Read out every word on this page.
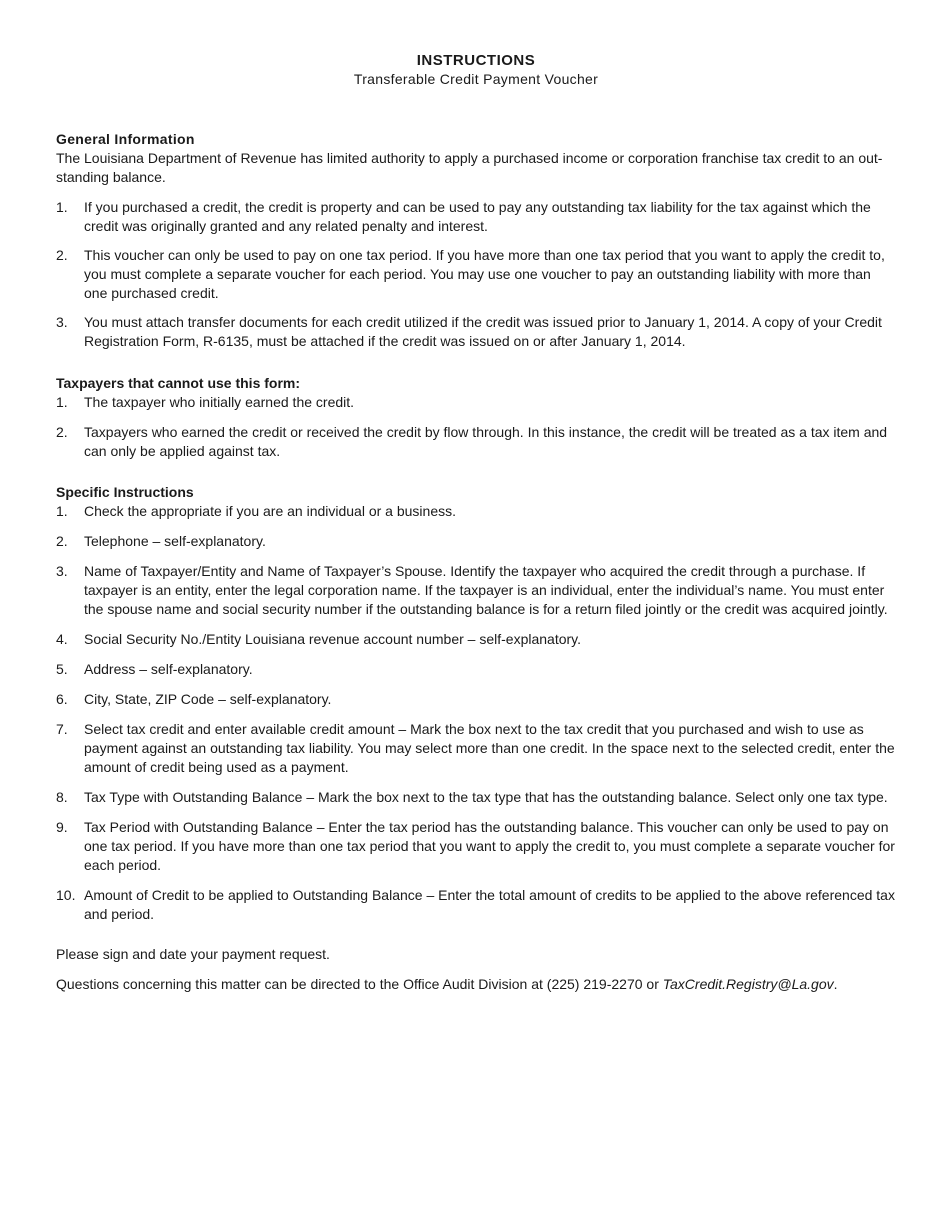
INSTRUCTIONS
Transferable Credit Payment Voucher
General Information

The Louisiana Department of Revenue has limited authority to apply a purchased income or corporation franchise tax credit to an out-standing balance.

1. If you purchased a credit, the credit is property and can be used to pay any outstanding tax liability for the tax against which the credit was originally granted and any related penalty and interest.
2. This voucher can only be used to pay on one tax period. If you have more than one tax period that you want to apply the credit to, you must complete a separate voucher for each period. You may use one voucher to pay an outstanding liability with more than one purchased credit.
3. You must attach transfer documents for each credit utilized if the credit was issued prior to January 1, 2014. A copy of your Credit Registration Form, R-6135, must be attached if the credit was issued on or after January 1, 2014.
Taxpayers that cannot use this form:
1. The taxpayer who initially earned the credit.
2. Taxpayers who earned the credit or received the credit by flow through. In this instance, the credit will be treated as a tax item and can only be applied against tax.
Specific Instructions
1. Check the appropriate if you are an individual or a business.
2. Telephone – self-explanatory.
3. Name of Taxpayer/Entity and Name of Taxpayer’s Spouse. Identify the taxpayer who acquired the credit through a purchase. If taxpayer is an entity, enter the legal corporation name. If the taxpayer is an individual, enter the individual’s name. You must enter the spouse name and social security number if the outstanding balance is for a return filed jointly or the credit was acquired jointly.
4. Social Security No./Entity Louisiana revenue account number – self-explanatory.
5. Address – self-explanatory.
6. City, State, ZIP Code – self-explanatory.
7. Select tax credit and enter available credit amount – Mark the box next to the tax credit that you purchased and wish to use as payment against an outstanding tax liability. You may select more than one credit. In the space next to the selected credit, enter the amount of credit being used as a payment.
8. Tax Type with Outstanding Balance – Mark the box next to the tax type that has the outstanding balance. Select only one tax type.
9. Tax Period with Outstanding Balance – Enter the tax period has the outstanding balance. This voucher can only be used to pay on one tax period. If you have more than one tax period that you want to apply the credit to, you must complete a separate voucher for each period.
10. Amount of Credit to be applied to Outstanding Balance – Enter the total amount of credits to be applied to the above referenced tax and period.

Please sign and date your payment request.

Questions concerning this matter can be directed to the Office Audit Division at (225) 219-2270 or TaxCredit.Registry@La.gov.
